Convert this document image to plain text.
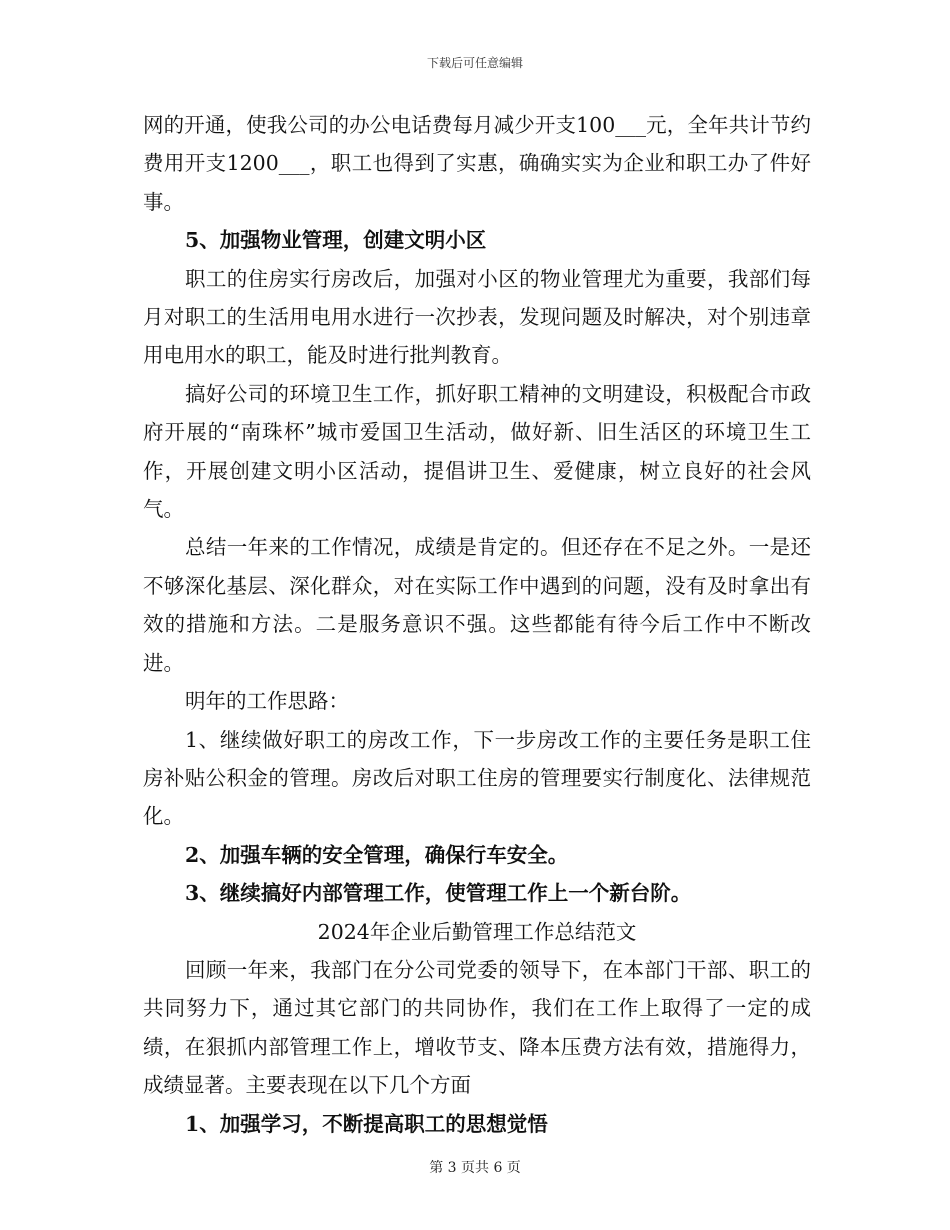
下载后可任意编辑

网的开通，使我公司的办公电话费每月减少开支100___元，全年共计节约费用开支1200___，职工也得到了实惠，确确实实为企业和职工办了件好事。

5、加强物业管理，创建文明小区

职工的住房实行房改后，加强对小区的物业管理尤为重要，我部们每月对职工的生活用电用水进行一次抄表，发现问题及时解决，对个别违章用电用水的职工，能及时进行批判教育。

搞好公司的环境卫生工作，抓好职工精神的文明建设，积极配合市政府开展的“南珠杯”城市爱国卫生活动，做好新、旧生活区的环境卫生工作，开展创建文明小区活动，提倡讲卫生、爱健康，树立良好的社会风气。

总结一年来的工作情况，成绩是肯定的。但还存在不足之外。一是还不够深化基层、深化群众，对在实际工作中遇到的问题，没有及时拿出有效的措施和方法。二是服务意识不强。这些都能有待今后工作中不断改进。

明年的工作思路：

1、继续做好职工的房改工作，下一步房改工作的主要任务是职工住房补贴公积金的管理。房改后对职工住房的管理要实行制度化、法律规范化。

2、加强车辆的安全管理，确保行车安全。

3、继续搞好内部管理工作，使管理工作上一个新台阶。

2024年企业后勤管理工作总结范文

回顾一年来，我部门在分公司党委的领导下，在本部门干部、职工的共同努力下，通过其它部门的共同协作，我们在工作上取得了一定的成绩，在狠抓内部管理工作上，增收节支、降本压费方法有效，措施得力，成绩显著。主要表现在以下几个方面

1、加强学习，不断提高职工的思想觉悟

第 3 页共 6 页
